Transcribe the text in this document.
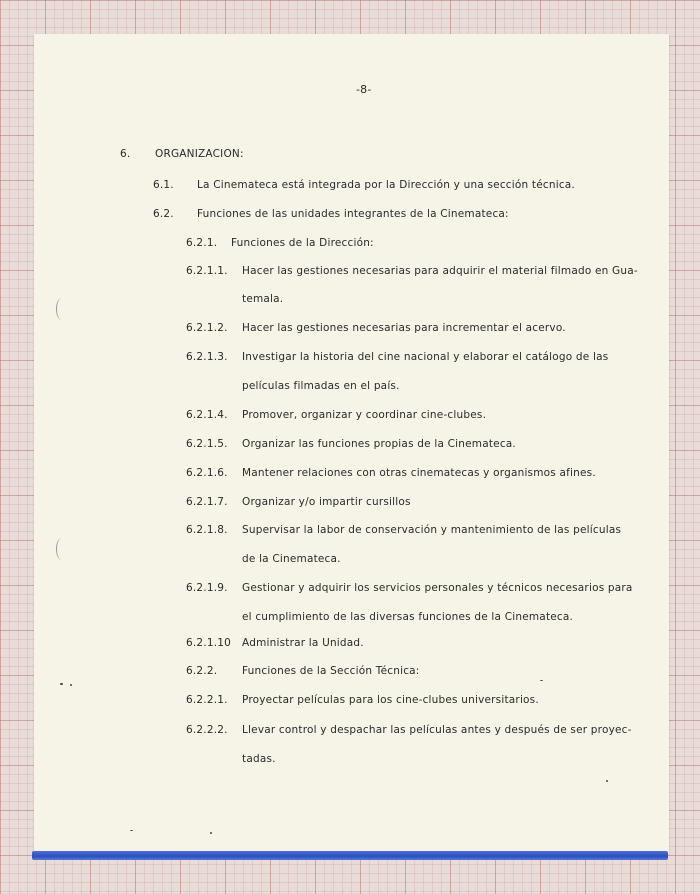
-8-
6. ORGANIZACION:
6.1. La Cinemateca está integrada por la Dirección y una sección técnica.
6.2. Funciones de las unidades integrantes de la Cinemateca:
6.2.1. Funciones de la Dirección:
6.2.1.1. Hacer las gestiones necesarias para adquirir el material filmado en Gua-
temala.
6.2.1.2. Hacer las gestiones necesarias para incrementar el acervo.
6.2.1.3. Investigar la historia del cine nacional y elaborar el catálogo de las
películas filmadas en el país.
6.2.1.4. Promover, organizar y coordinar cine-clubes.
6.2.1.5. Organizar las funciones propias de la Cinemateca.
6.2.1.6. Mantener relaciones con otras cinematecas y organismos afines.
6.2.1.7. Organizar y/o impartir cursillos
6.2.1.8. Supervisar la labor de conservación y mantenimiento de las películas
de la Cinemateca.
6.2.1.9. Gestionar y adquirir los servicios personales y técnicos necesarios para
el cumplimiento de las diversas funciones de la Cinemateca.
6.2.1.10 Administrar la Unidad.
6.2.2. Funciones de la Sección Técnica:
6.2.2.1. Proyectar películas para los cine-clubes universitarios.
6.2.2.2. Llevar control y despachar las películas antes y después de ser proyec-
tadas.
